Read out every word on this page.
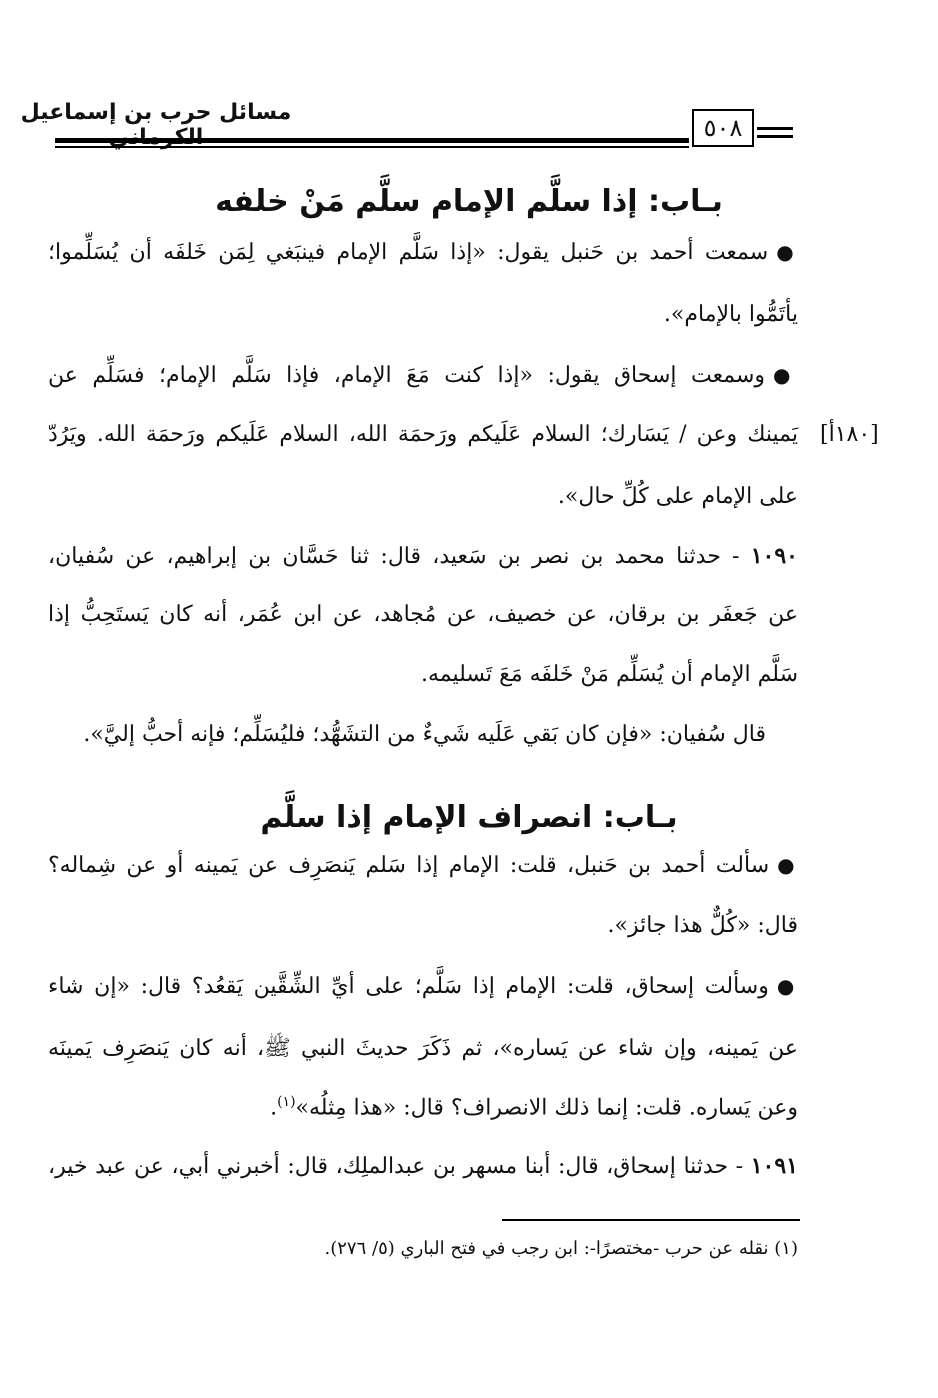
مسائل حرب بن إسماعيل
٥٠٨
بـاب: إذا سلَّم الإمام سلَّم مَنْ خلفه
●سمعت أحمد بن حَنبل يقول: «إذا سَلَّم الإمام فينبَغي لِمَن خَلفَه أن يُسَلِّموا؛
يأتَمُّوا بالإمام».
●وسمعت إسحاق يقول: «إذا كنت مَعَ الإمام، فإذا سَلَّم الإمام؛ فسَلِّم عن
يَمينك وعن / يَسَارك؛ السلام عَلَيكم ورَحمَة الله، السلام عَلَيكم ورَحمَة الله. ويَرُدّ [١٨٠أ]
على الإمام على كُلِّ حال».
١٠٩٠ - حدثنا محمد بن نصر بن سَعيد، قال: ثنا حَسَّان بن إبراهيم، عن سُفيان،
عن جَعفَر بن برقان، عن خصيف، عن مُجاهد، عن ابن عُمَر، أنه كان يَستَحِبُّ إذا
سَلَّم الإمام أن يُسَلِّم مَنْ خَلفَه مَعَ تَسليمه.
قال سُفيان: «فإن كان بَقي عَلَيه شَيءٌ من التشَهُّد؛ فليُسَلِّم؛ فإنه أحبُّ إليَّ».
بـاب: انصراف الإمام إذا سلَّم
●سألت أحمد بن حَنبل، قلت: الإمام إذا سَلم يَنصَرِف عن يَمينه أو عن شِماله؟
قال: «كُلٌّ هذا جائز».
●وسألت إسحاق، قلت: الإمام إذا سَلَّم؛ على أيِّ الشِّقَّين يَقعُد؟ قال: «إن شاء
عن يَمينه، وإن شاء عن يَساره»، ثم ذَكَرَ حديثَ النبي ﷺ، أنه كان يَنصَرِف يَمينَه
وعن يَساره. قلت: إنما ذلك الانصراف؟ قال: «هذا مِثلُه»$^{(١)}$.
١٠٩١ - حدثنا إسحاق، قال: أبنا مسهر بن عبدالملِك، قال: أخبرني أبي، عن عبد خير،
(١) نقله عن حرب -مختصرًا-: ابن رجب في فتح الباري (٥/ ٢٧٦).
